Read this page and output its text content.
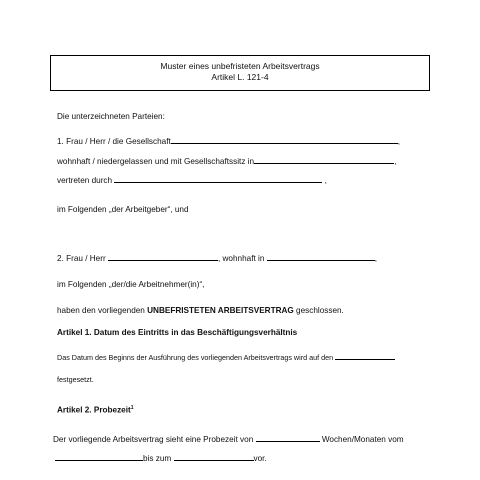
Muster eines unbefristeten Arbeitsvertrags
Artikel L. 121-4
Die unterzeichneten Parteien:
1. Frau / Herr / die Gesellschaft	,
wohnhaft / niedergelassen und mit Gesellschaftssitz in	,
vertreten durch	,
im Folgenden „der Arbeitgeber“, und
2. Frau / Herr	, wohnhaft in	,
im Folgenden „der/die Arbeitnehmer(in)“,
haben den vorliegenden UNBEFRISTETEN ARBEITSVERTRAG geschlossen.
Artikel 1. Datum des Eintritts in das Beschäftigungsverhältnis
Das Datum des Beginns der Ausführung des vorliegenden Arbeitsvertrags wird auf den
festgesetzt.
Artikel 2. Probezeit$^1$
Der vorliegende Arbeitsvertrag sieht eine Probezeit von	Wochen/Monaten vom
bis zum	vor.
